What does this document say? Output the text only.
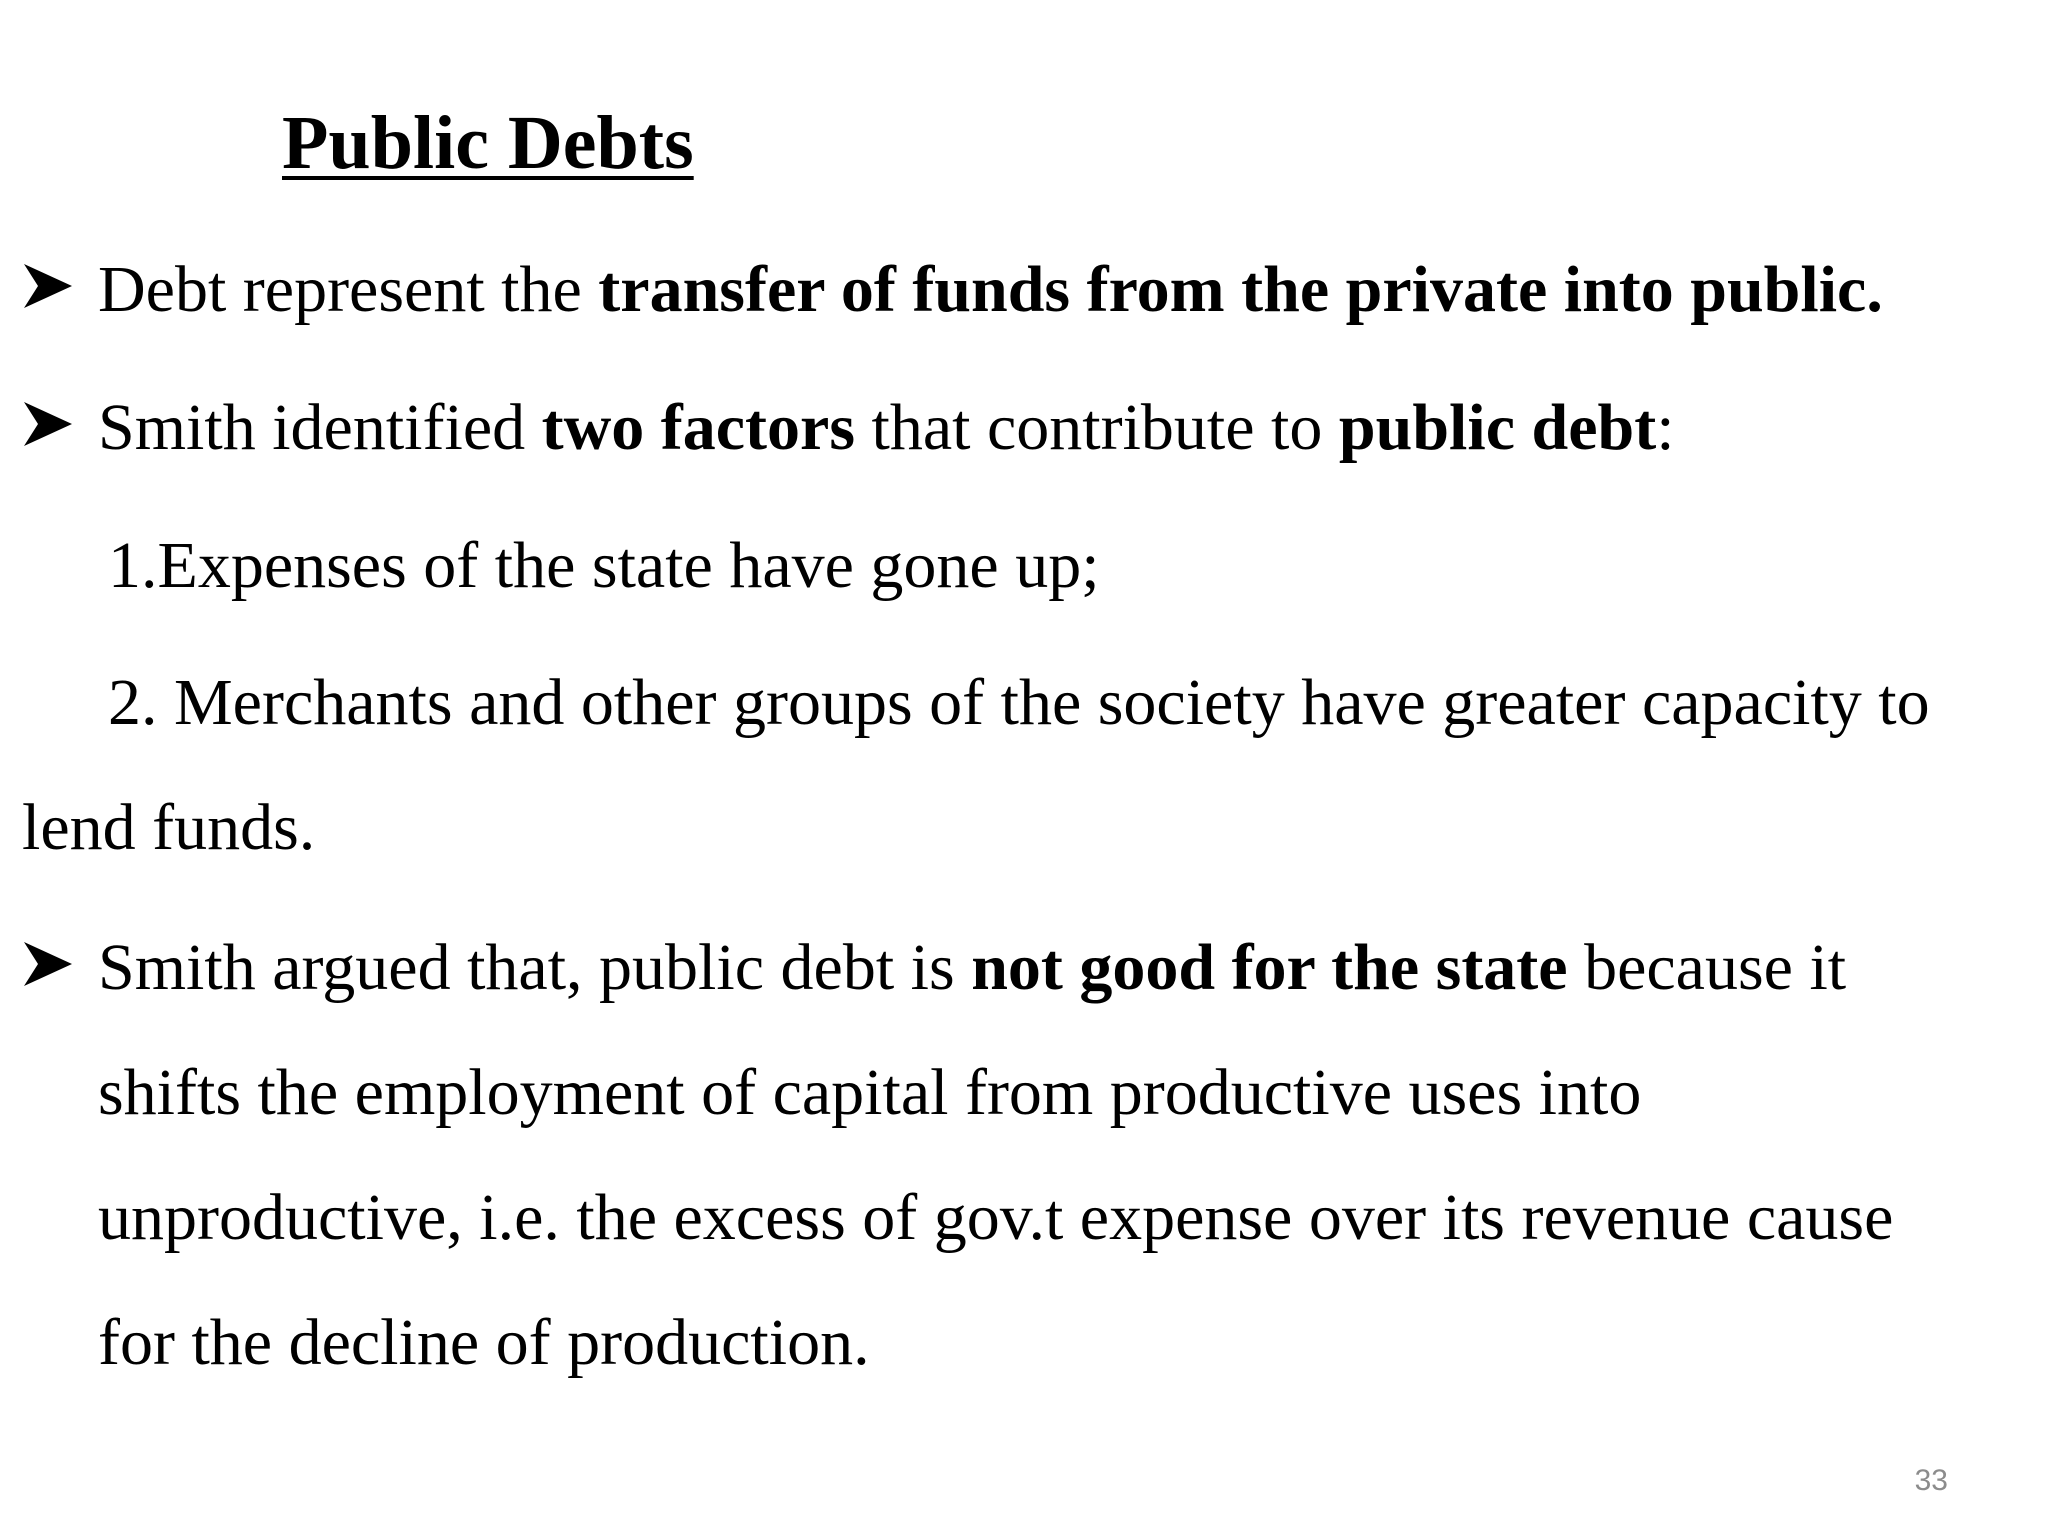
Public Debts
Debt represent the transfer of funds from the private into public.
Smith identified two factors that contribute to public debt:
1.Expenses of the state have gone up;
2. Merchants and other groups of the society have greater capacity to
lend funds.
Smith argued that, public debt is not good for the state because it
shifts the employment of capital from productive uses into
unproductive, i.e. the excess of gov.t expense over its revenue cause
for the decline of production.
33
